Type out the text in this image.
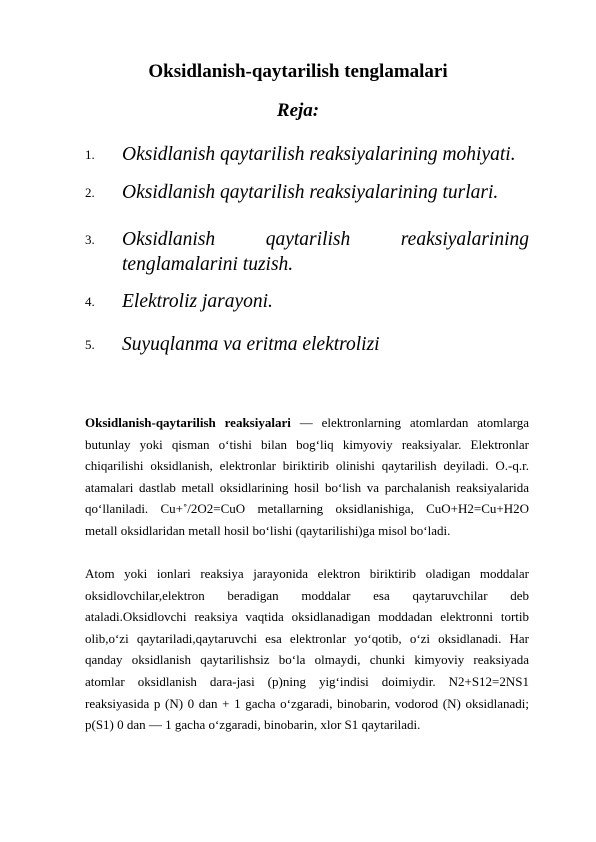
Oksidlanish-qaytarilish tenglamalari
Reja:
1. Oksidlanish qaytarilish reaksiyalarining mohiyati.
2. Oksidlanish qaytarilish reaksiyalarining turlari.
3. Oksidlanish qaytarilish reaksiyalarining
tenglamalarini tuzish.
4. Elektroliz jarayoni.
5. Suyuqlanma va eritma elektrolizi
Oksidlanish-qaytarilish reaksiyalari — elektronlarning atomlardan atomlarga
butunlay yoki qisman oʻtishi bilan bogʻliq kimyoviy reaksiyalar. Elektronlar
chiqarilishi oksidlanish, elektronlar biriktirib olinishi qaytarilish deyiladi. O.-q.r.
atamalari dastlab metall oksidlarining hosil boʻlish va parchalanish reaksiyalarida
qoʻllaniladi. Cu+˚/2O2=CuO metallarning oksidlanishiga, CuO+H2=Cu+H2O
metall oksidlaridan metall hosil boʻlishi (qaytarilishi)ga misol boʻladi.
Atom yoki ionlari reaksiya jarayonida elektron biriktirib oladigan moddalar
oksidlovchilar,elektron beradigan moddalar esa qaytaruvchilar deb
ataladi.Oksidlovchi reaksiya vaqtida oksidlanadigan moddadan elektronni tortib
olib,oʻzi qaytariladi,qaytaruvchi esa elektronlar yoʻqotib, oʻzi oksidlanadi. Har
qanday oksidlanish qaytarilishsiz boʻla olmaydi, chunki kimyoviy reaksiyada
atomlar oksidlanish dara-jasi (p)ning yigʻindisi doimiydir. N2+S12=2NS1
reaksiyasida p (N) 0 dan + 1 gacha oʻzgaradi, binobarin, vodorod (N) oksidlanadi;
p(S1) 0 dan — 1 gacha oʻzgaradi, binobarin, xlor S1 qaytariladi.
